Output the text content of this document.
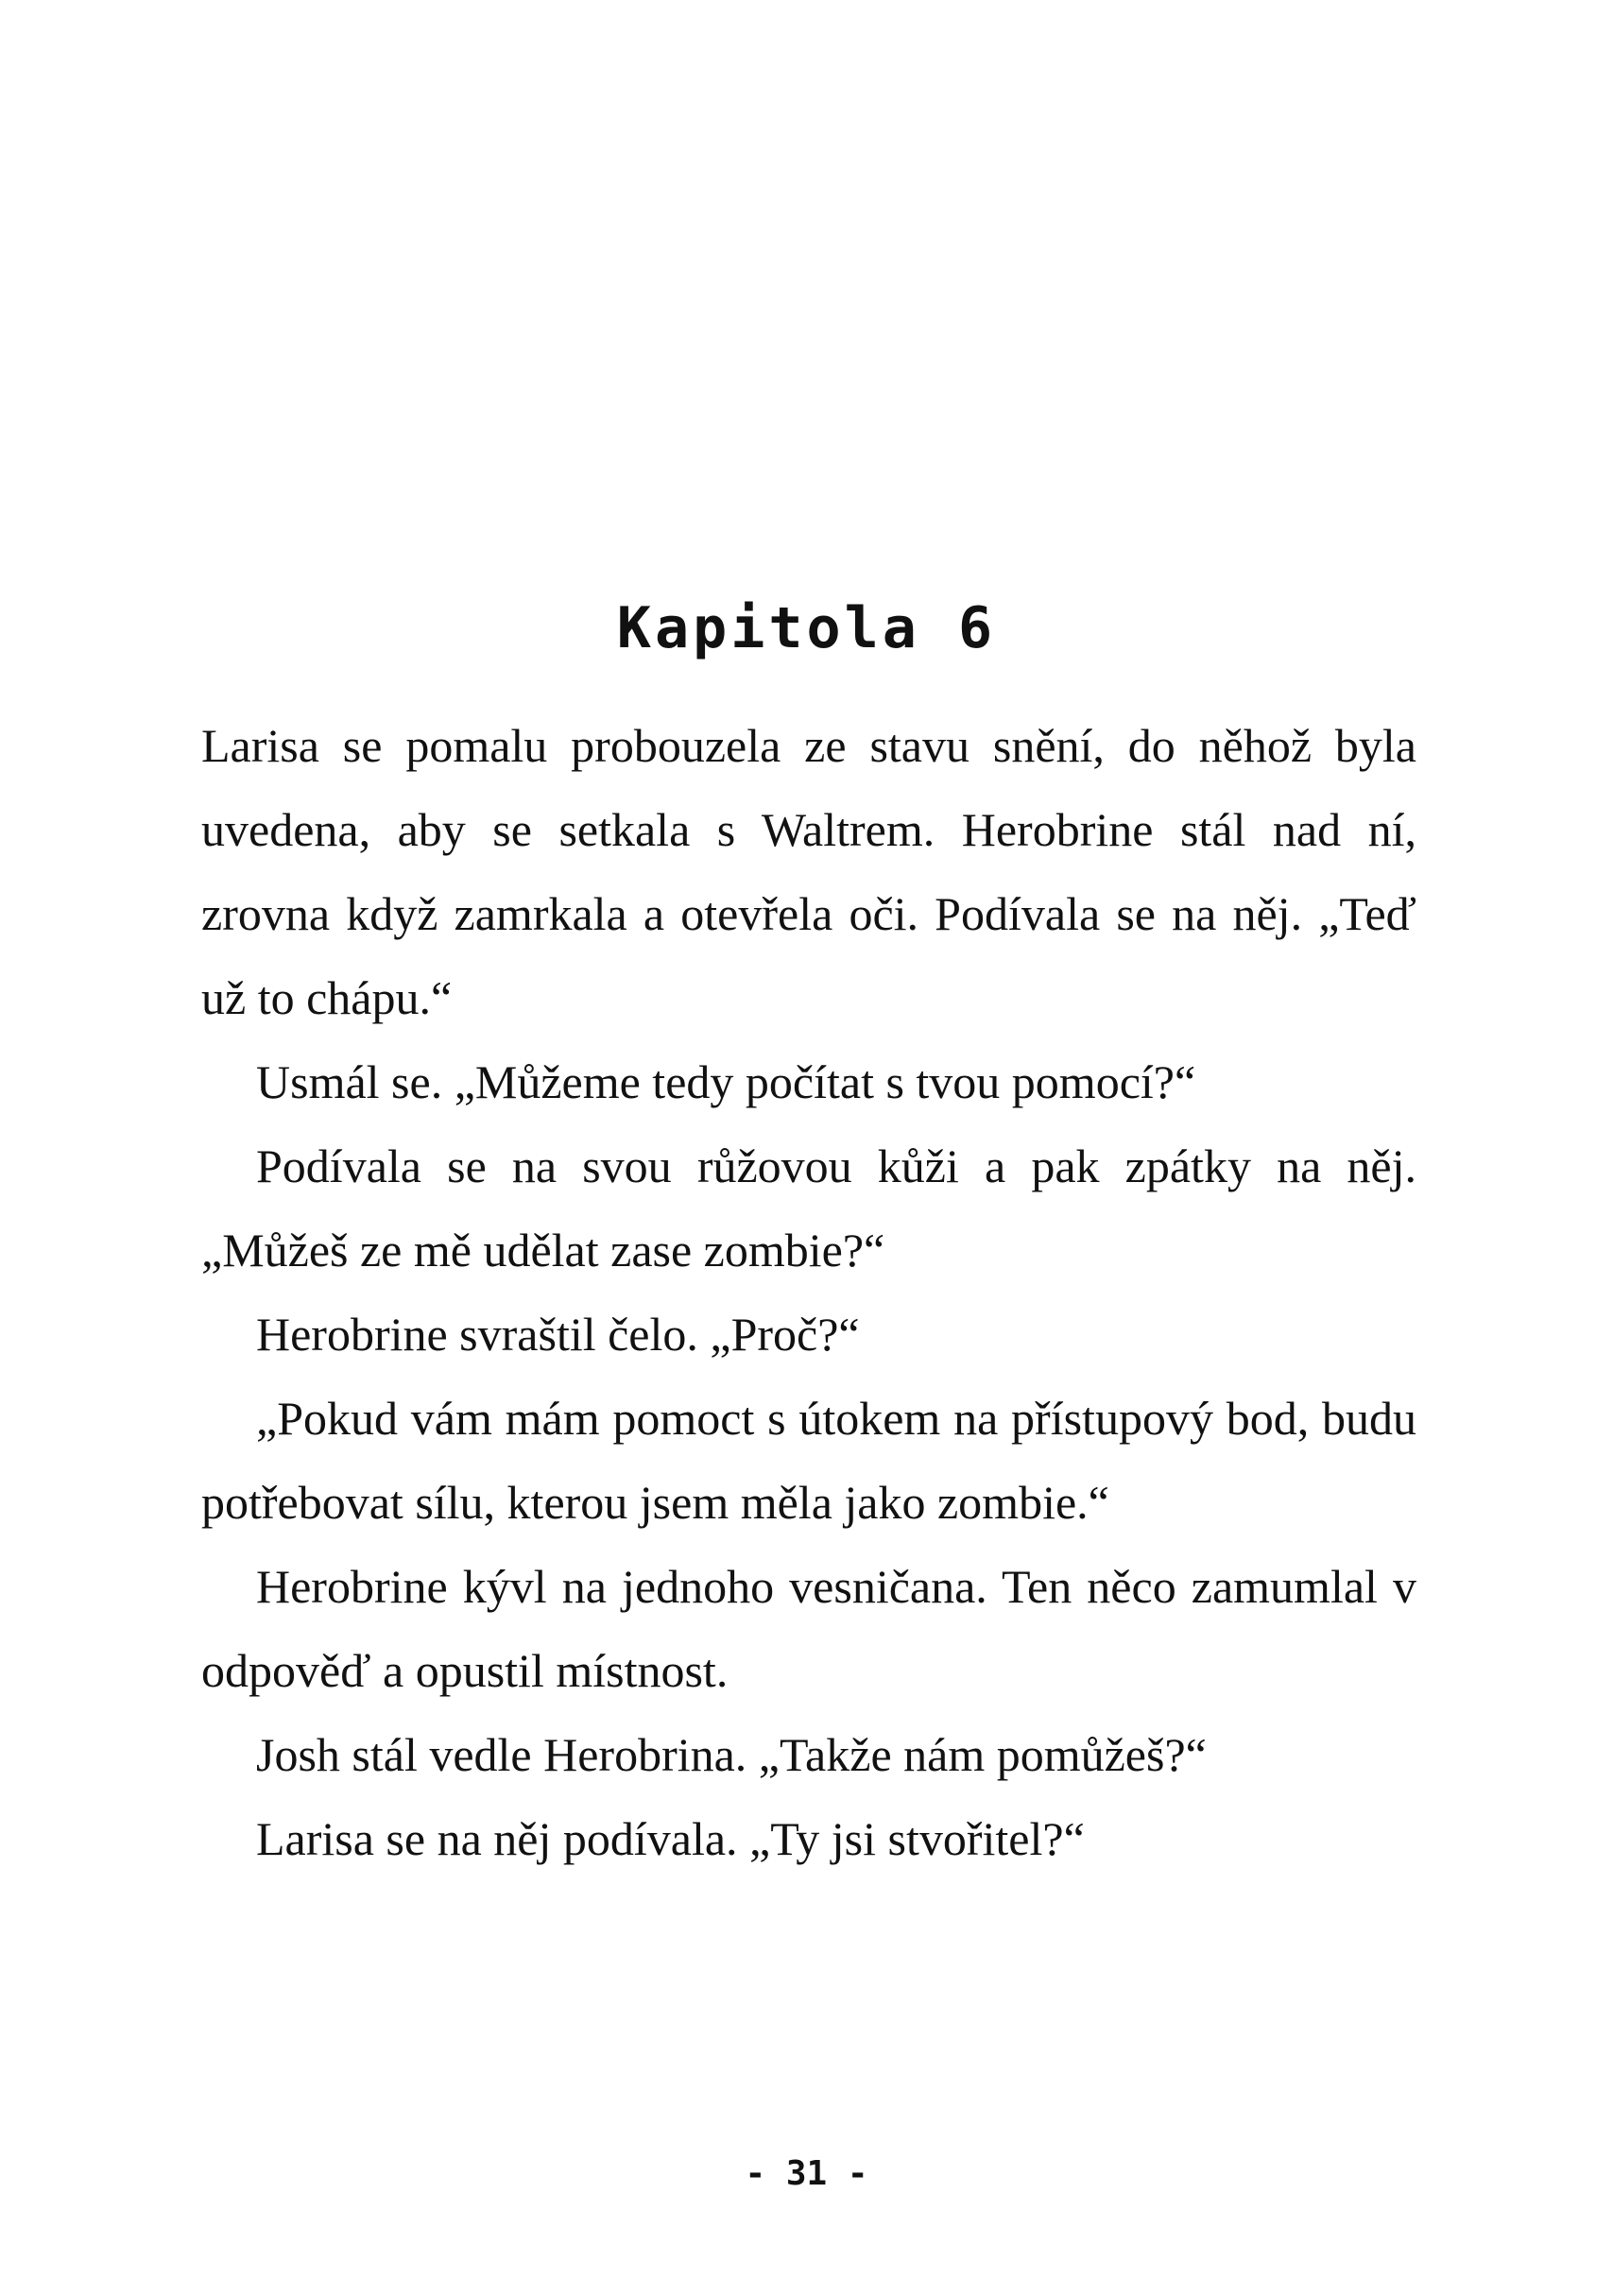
Kapitola 6

Larisa se pomalu probouzela ze stavu snění, do něhož byla uvedena, aby se setkala s Waltrem. Herobrine stál nad ní, zrovna když zamrkala a otevřela oči. Podívala se na něj. „Teď už to chápu.“

Usmál se. „Můžeme tedy počítat s tvou pomocí?“

Podívala se na svou růžovou kůži a pak zpátky na něj. „Můžeš ze mě udělat zase zombie?“

Herobrine svraštil čelo. „Proč?“

„Pokud vám mám pomoct s útokem na přístupový bod, budu potřebovat sílu, kterou jsem měla jako zombie.“

Herobrine kývl na jednoho vesničana. Ten něco zamumlal v odpověď a opustil místnost.

Josh stál vedle Herobrina. „Takže nám pomůžeš?“

Larisa se na něj podívala. „Ty jsi stvořitel?“

- 31 -
